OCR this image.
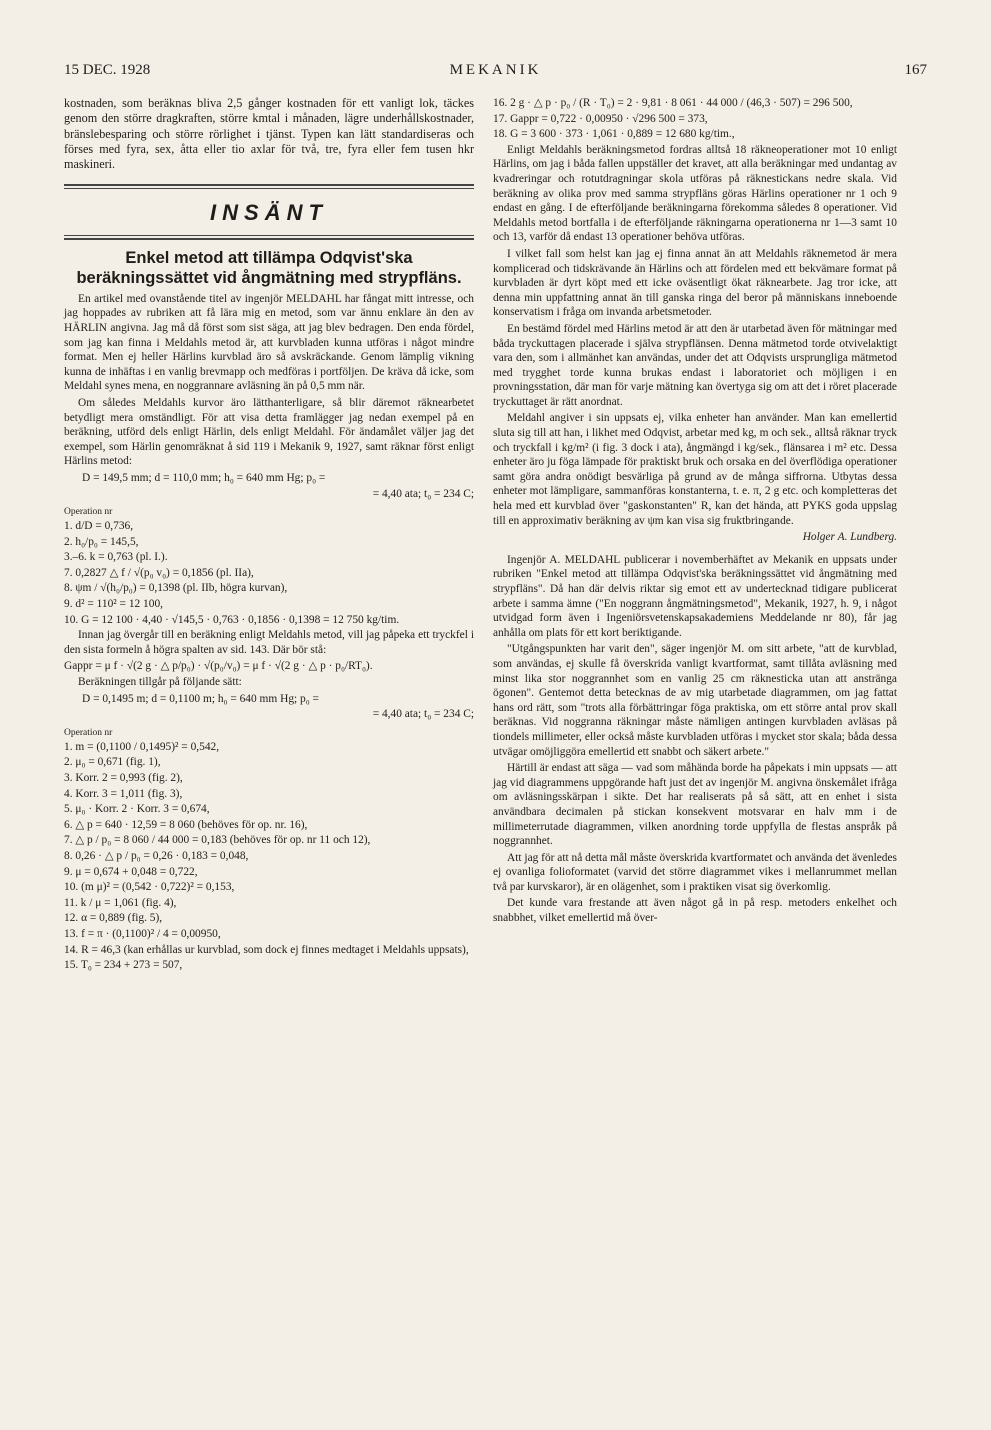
15 DEC. 1928	MEKANIK	167

kostnaden, som beräknas bliva 2,5 gånger kostnaden för ett vanligt lok, täckes genom den större dragkraften, större kmtal i månaden, lägre underhållskostnader, bränslebesparing och större rörlighet i tjänst. Typen kan lätt standardiseras och förses med fyra, sex, åtta eller tio axlar för två, tre, fyra eller fem tusen hkr maskineri.

INSÄNT
Enkel metod att tillämpa Odqvist'ska beräkningssättet vid ångmätning med strypfläns.

En artikel med ovanstående titel av ingenjör MELDAHL har fångat mitt intresse, och jag hoppades av rubriken att få lära mig en metod, som var ännu enklare än den av HÄRLIN angivna. Jag må då först som sist säga, att jag blev bedragen. Den enda fördel, som jag kan finna i Meldahls metod är, att kurvbladen kunna utföras i något mindre format. Men ej heller Härlins kurvblad äro så avskräckande. Genom lämplig vikning kunna de inhäftas i en vanlig brevmapp och medföras i portföljen. De kräva då icke, som Meldahl synes mena, en noggrannare avläsning än på 0,5 mm när.

Om således Meldahls kurvor äro lätthanterligare, så blir däremot räknearbetet betydligt mera omständligt. För att visa detta framlägger jag nedan exempel på en beräkning, utförd dels enligt Härlin, dels enligt Meldahl. För ändamålet väljer jag det exempel, som Härlin genomräknat å sid 119 i Mekanik 9, 1927, samt räknar först enligt Härlins metod:

D = 149,5 mm; d = 110,0 mm; h₀ = 640 mm Hg; p₀ =

= 4,40 ata; t₀ = 234 C;

Operation nr

1. d/D = 0,736,

2. h₀/p₀ = 145,5,

3.–6. k = 0,763 (pl. I.).

7. 0,2827 △ f / √(p₀ v₀) = 0,1856 (pl. IIa),

8. ψm / √(h₀/p₀) = 0,1398 (pl. IIb, högra kurvan),

9. d² = 110² = 12 100,

10. G = 12 100 · 4,40 · √145,5 · 0,763 · 0,1856 · 0,1398 = 12 750 kg/tim.

Innan jag övergår till en beräkning enligt Meldahls metod, vill jag påpeka ett tryckfel i den sista formeln å högra spalten av sid. 143. Där bör stå:

Gappr = μ f · √(2 g · △ p/p₀) · √(p₀/v₀) = μ f · √(2 g · △ p · p₀/RT₀).

Beräkningen tillgår på följande sätt:

D = 0,1495 m; d = 0,1100 m; h₀ = 640 mm Hg; p₀ =

= 4,40 ata; t₀ = 234 C;

Operation nr

1. m = (0,1100 / 0,1495)² = 0,542,

2. μ₀ = 0,671 (fig. 1),

3. Korr. 2 = 0,993 (fig. 2),

4. Korr. 3 = 1,011 (fig. 3),

5. μ₀ · Korr. 2 · Korr. 3 = 0,674,

6. △ p = 640 · 12,59 = 8 060 (behöves för op. nr. 16),

7. △ p / p₀ = 8 060 / 44 000 = 0,183 (behöves för op. nr 11 och 12),

8. 0,26 · △ p / p₀ = 0,26 · 0,183 = 0,048,

9. μ = 0,674 + 0,048 = 0,722,

10. (m μ)² = (0,542 · 0,722)² = 0,153,

11. k / μ = 1,061 (fig. 4),

12. α = 0,889 (fig. 5),

13. f = π · (0,1100)² / 4 = 0,00950,

14. R = 46,3 (kan erhållas ur kurvblad, som dock ej finnes medtaget i Meldahls uppsats),

15. T₀ = 234 + 273 = 507,

16. 2 g · △ p · p₀ / (R · T₀) = 2 · 9,81 · 8 061 · 44 000 / (46,3 · 507) = 296 500,

17. Gappr = 0,722 · 0,00950 · √296 500 = 373,

18. G = 3 600 · 373 · 1,061 · 0,889 = 12 680 kg/tim.,

Enligt Meldahls beräkningsmetod fordras alltså 18 räkneoperationer mot 10 enligt Härlins, om jag i båda fallen uppställer det kravet, att alla beräkningar med undantag av kvadreringar och rotutdragningar skola utföras på räknestickans nedre skala. Vid beräkning av olika prov med samma strypfläns göras Härlins operationer nr 1 och 9 endast en gång. I de efterföljande beräkningarna förekomma således 8 operationer. Vid Meldahls metod bortfalla i de efterföljande räkningarna operationerna nr 1—3 samt 10 och 13, varför då endast 13 operationer behöva utföras.

I vilket fall som helst kan jag ej finna annat än att Meldahls räknemetod är mera komplicerad och tidskrävande än Härlins och att fördelen med ett bekvämare format på kurvbladen är dyrt köpt med ett icke oväsentligt ökat räknearbete. Jag tror icke, att denna min uppfattning annat än till ganska ringa del beror på människans inneboende konservatism i fråga om invanda arbetsmetoder.

En bestämd fördel med Härlins metod är att den är utarbetad även för mätningar med båda tryckuttagen placerade i själva strypflänsen. Denna mätmetod torde otvivelaktigt vara den, som i allmänhet kan användas, under det att Odqvists ursprungliga mätmetod med trygghet torde kunna brukas endast i laboratoriet och möjligen i en provningsstation, där man för varje mätning kan övertyga sig om att det i röret placerade tryckuttaget är rätt anordnat.

Meldahl angiver i sin uppsats ej, vilka enheter han använder. Man kan emellertid sluta sig till att han, i likhet med Odqvist, arbetar med kg, m och sek., alltså räknar tryck och tryckfall i kg/m² (i fig. 3 dock i ata), ångmängd i kg/sek., flänsarea i m² etc. Dessa enheter äro ju föga lämpade för praktiskt bruk och orsaka en del överflödiga operationer samt göra andra onödigt besvärliga på grund av de många siffrorna. Utbytas dessa enheter mot lämpligare, sammanföras konstanterna, t. e. π, 2 g etc. och kompletteras det hela med ett kurvblad över "gaskonstanten" R, kan det hända, att PYKS goda uppslag till en approximativ beräkning av ψm kan visa sig fruktbringande.

Holger A. Lundberg.

Ingenjör A. MELDAHL publicerar i novemberhäftet av Mekanik en uppsats under rubriken "Enkel metod att tillämpa Odqvist'ska beräkningssättet vid ångmätning med strypfläns". Då han där delvis riktar sig emot ett av undertecknad tidigare publicerat arbete i samma ämne ("En noggrann ångmätningsmetod", Mekanik, 1927, h. 9, i något utvidgad form även i Ingeniörsvetenskapsakademiens Meddelande nr 80), får jag anhålla om plats för ett kort beriktigande.

"Utgångspunkten har varit den", säger ingenjör M. om sitt arbete, "att de kurvblad, som användas, ej skulle få överskrida vanligt kvartformat, samt tillåta avläsning med minst lika stor noggrannhet som en vanlig 25 cm räknesticka utan att anstränga ögonen". Gentemot detta betecknas de av mig utarbetade diagrammen, om jag fattat hans ord rätt, som "trots alla förbättringar föga praktiska, om ett större antal prov skall beräknas. Vid noggranna räkningar måste nämligen antingen kurvbladen avläsas på tiondels millimeter, eller också måste kurvbladen utföras i mycket stor skala; båda dessa utvägar omöjliggöra emellertid ett snabbt och säkert arbete."

Härtill är endast att säga — vad som måhända borde ha påpekats i min uppsats — att jag vid diagrammens uppgörande haft just det av ingenjör M. angivna önskemålet ifråga om avläsningsskärpan i sikte. Det har realiserats på så sätt, att en enhet i sista användbara decimalen på stickan konsekvent motsvarar en halv mm i de millimeterrutade diagrammen, vilken anordning torde uppfylla de flestas anspråk på noggrannhet.

Att jag för att nå detta mål måste överskrida kvartformatet och använda det ävenledes ej ovanliga folioformatet (varvid det större diagrammet vikes i mellanrummet mellan två par kurvskaror), är en olägenhet, som i praktiken visat sig överkomlig.

Det kunde vara frestande att även något gå in på resp. metoders enkelhet och snabbhet, vilket emellertid må över-
